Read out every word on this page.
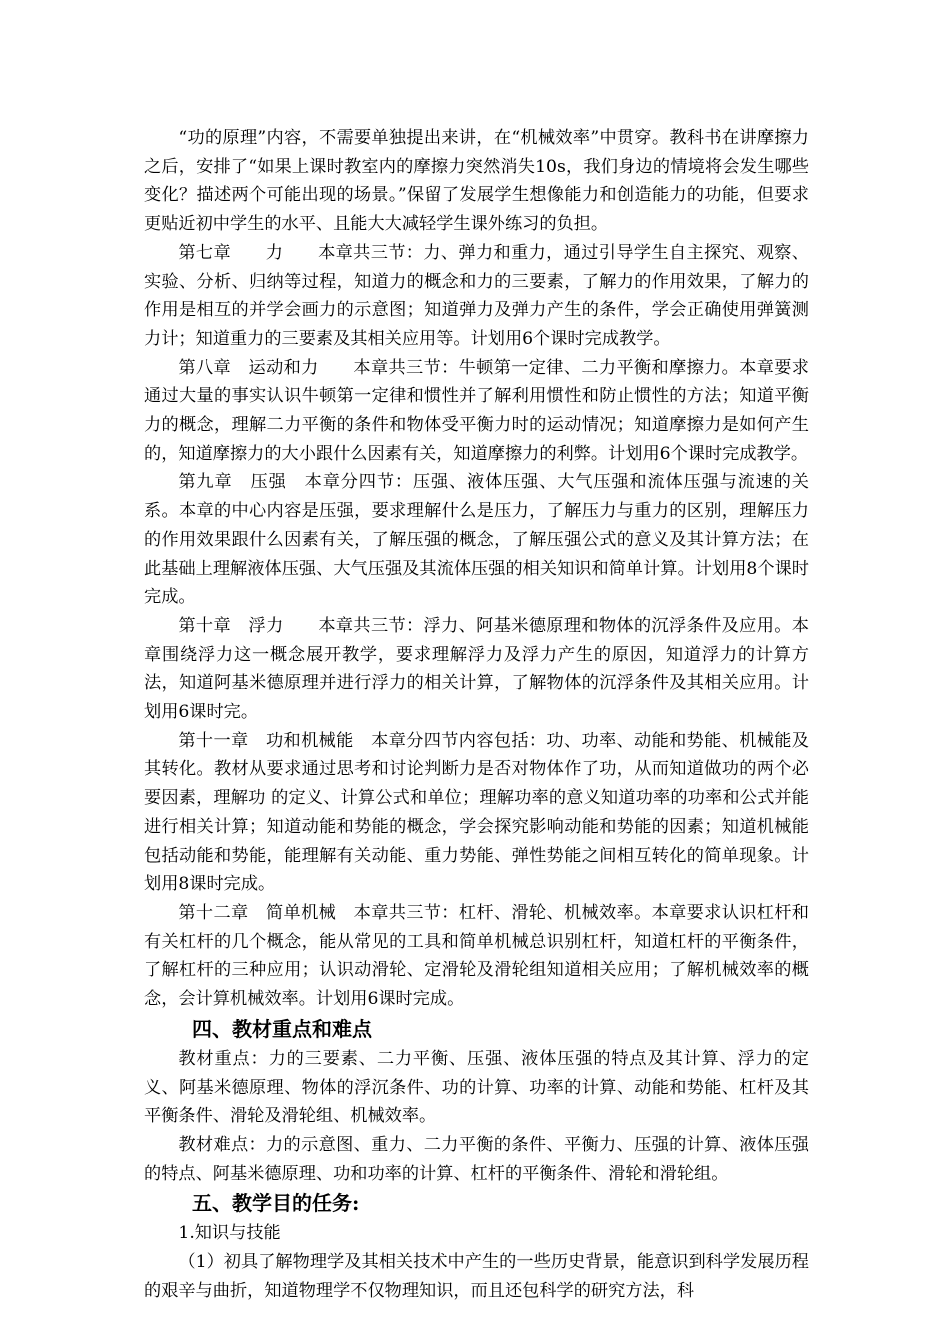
“功的原理”内容，不需要单独提出来讲，在“机械效率”中贯穿。教科书在讲摩擦力之后，安排了“如果上课时教室内的摩擦力突然消失10s，我们身边的情境将会发生哪些变化？描述两个可能出现的场景。”保留了发展学生想像能力和创造能力的功能，但要求更贴近初中学生的水平、且能大大减轻学生课外练习的负担。

第七章 力 本章共三节：力、弹力和重力，通过引导学生自主探究、观察、实验、分析、归纳等过程，知道力的概念和力的三要素，了解力的作用效果，了解力的作用是相互的并学会画力的示意图；知道弹力及弹力产生的条件，学会正确使用弹簧测力计；知道重力的三要素及其相关应用等。计划用6个课时完成教学。

第八章 运动和力 本章共三节：牛顿第一定律、二力平衡和摩擦力。本章要求通过大量的事实认识牛顿第一定律和惯性并了解利用惯性和防止惯性的方法；知道平衡力的概念，理解二力平衡的条件和物体受平衡力时的运动情况；知道摩擦力是如何产生的，知道摩擦力的大小跟什么因素有关，知道摩擦力的利弊。计划用6个课时完成教学。

第九章 压强 本章分四节：压强、液体压强、大气压强和流体压强与流速的关系。本章的中心内容是压强，要求理解什么是压力，了解压力与重力的区别，理解压力的作用效果跟什么因素有关，了解压强的概念，了解压强公式的意义及其计算方法；在此基础上理解液体压强、大气压强及其流体压强的相关知识和简单计算。计划用8个课时完成。

第十章 浮力 本章共三节：浮力、阿基米德原理和物体的沉浮条件及应用。本章围绕浮力这一概念展开教学，要求理解浮力及浮力产生的原因，知道浮力的计算方法，知道阿基米德原理并进行浮力的相关计算，了解物体的沉浮条件及其相关应用。计划用6课时完。

第十一章 功和机械能 本章分四节内容包括：功、功率、动能和势能、机械能及其转化。教材从要求通过思考和讨论判断力是否对物体作了功，从而知道做功的两个必要因素，理解功 的定义、计算公式和单位；理解功率的意义知道功率的功率和公式并能进行相关计算；知道动能和势能的概念，学会探究影响动能和势能的因素；知道机械能包括动能和势能，能理解有关动能、重力势能、弹性势能之间相互转化的简单现象。计划用8课时完成。

第十二章 简单机械 本章共三节：杠杆、滑轮、机械效率。本章要求认识杠杆和有关杠杆的几个概念，能从常见的工具和简单机械总识别杠杆，知道杠杆的平衡条件，了解杠杆的三种应用；认识动滑轮、定滑轮及滑轮组知道相关应用；了解机械效率的概念，会计算机械效率。计划用6课时完成。

四、教材重点和难点

教材重点：力的三要素、二力平衡、压强、液体压强的特点及其计算、浮力的定义、阿基米德原理、物体的浮沉条件、功的计算、功率的计算、动能和势能、杠杆及其平衡条件、滑轮及滑轮组、机械效率。

教材难点：力的示意图、重力、二力平衡的条件、平衡力、压强的计算、液体压强的特点、阿基米德原理、功和功率的计算、杠杆的平衡条件、滑轮和滑轮组。

五、教学目的任务:

1.知识与技能

（1）初具了解物理学及其相关技术中产生的一些历史背景，能意识到科学发展历程的艰辛与曲折，知道物理学不仅物理知识，而且还包科学的研究方法，科
